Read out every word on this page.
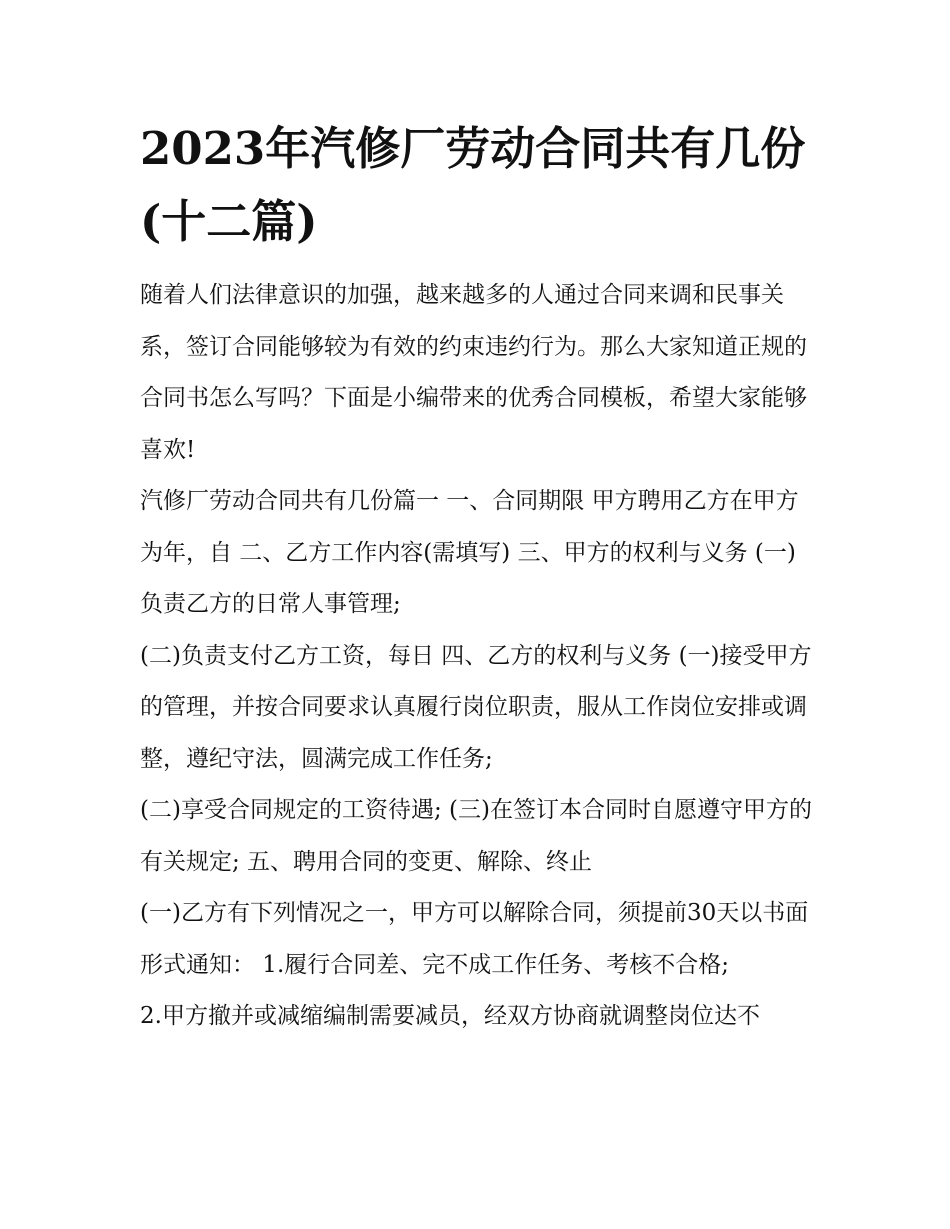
2023年汽修厂劳动合同共有几份(十二篇)

随着人们法律意识的加强，越来越多的人通过合同来调和民事关系，签订合同能够较为有效的约束违约行为。那么大家知道正规的合同书怎么写吗？下面是小编带来的优秀合同模板，希望大家能够喜欢!

汽修厂劳动合同共有几份篇一 一、合同期限 甲方聘用乙方在甲方为年，自 二、乙方工作内容(需填写) 三、甲方的权利与义务 (一)负责乙方的日常人事管理;

(二)负责支付乙方工资，每日 四、乙方的权利与义务 (一)接受甲方的管理，并按合同要求认真履行岗位职责，服从工作岗位安排或调整，遵纪守法，圆满完成工作任务;

(二)享受合同规定的工资待遇; (三)在签订本合同时自愿遵守甲方的有关规定; 五、聘用合同的变更、解除、终止

(一)乙方有下列情况之一，甲方可以解除合同，须提前30天以书面形式通知： 1.履行合同差、完不成工作任务、考核不合格;

2.甲方撤并或减缩编制需要减员，经双方协商就调整岗位达不
